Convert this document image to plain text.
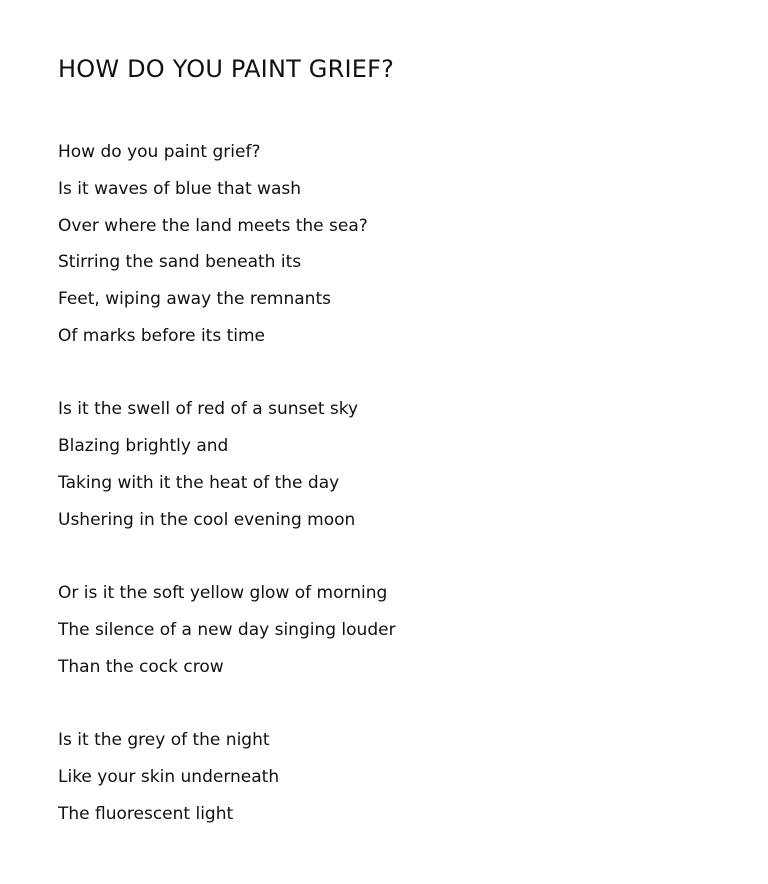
HOW DO YOU PAINT GRIEF?
How do you paint grief?
Is it waves of blue that wash
Over where the land meets the sea?
Stirring the sand beneath its
Feet, wiping away the remnants
Of marks before its time
Is it the swell of red of a sunset sky
Blazing brightly and
Taking with it the heat of the day
Ushering in the cool evening moon
Or is it the soft yellow glow of morning
The silence of a new day singing louder
Than the cock crow
Is it the grey of the night
Like your skin underneath
The fluorescent light
